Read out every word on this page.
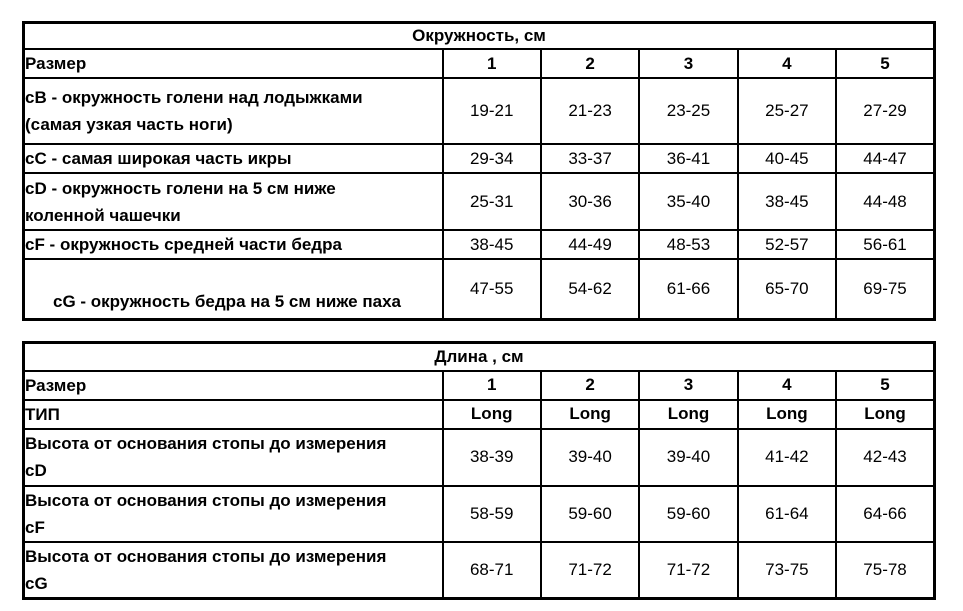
Окружность, см					
Размер	1	2	3	4	5

cB - окружность голени над лодыжками
(самая узкая часть ноги)	19-21	21-23	23-25	25-27	27-29

cC - самая широкая часть икры	29-34	33-37	36-41	40-45	44-47

cD - окружность голени на 5 см ниже
коленной чашечки	25-31	30-36	35-40	38-45	44-48

cF - окружность средней части бедра	38-45	44-49	48-53	52-57	56-61

cG - окружность бедра на 5 см ниже паха	47-55	54-62	61-66	65-70	69-75
Длина , см					
Размер	1	2	3	4	5
ТИП	Long	Long	Long	Long	Long

Высота от основания стопы до измерения
cD	38-39	39-40	39-40	41-42	42-43

Высота от основания стопы до измерения
cF	58-59	59-60	59-60	61-64	64-66

Высота от основания стопы до измерения
cG	68-71	71-72	71-72	73-75	75-78
